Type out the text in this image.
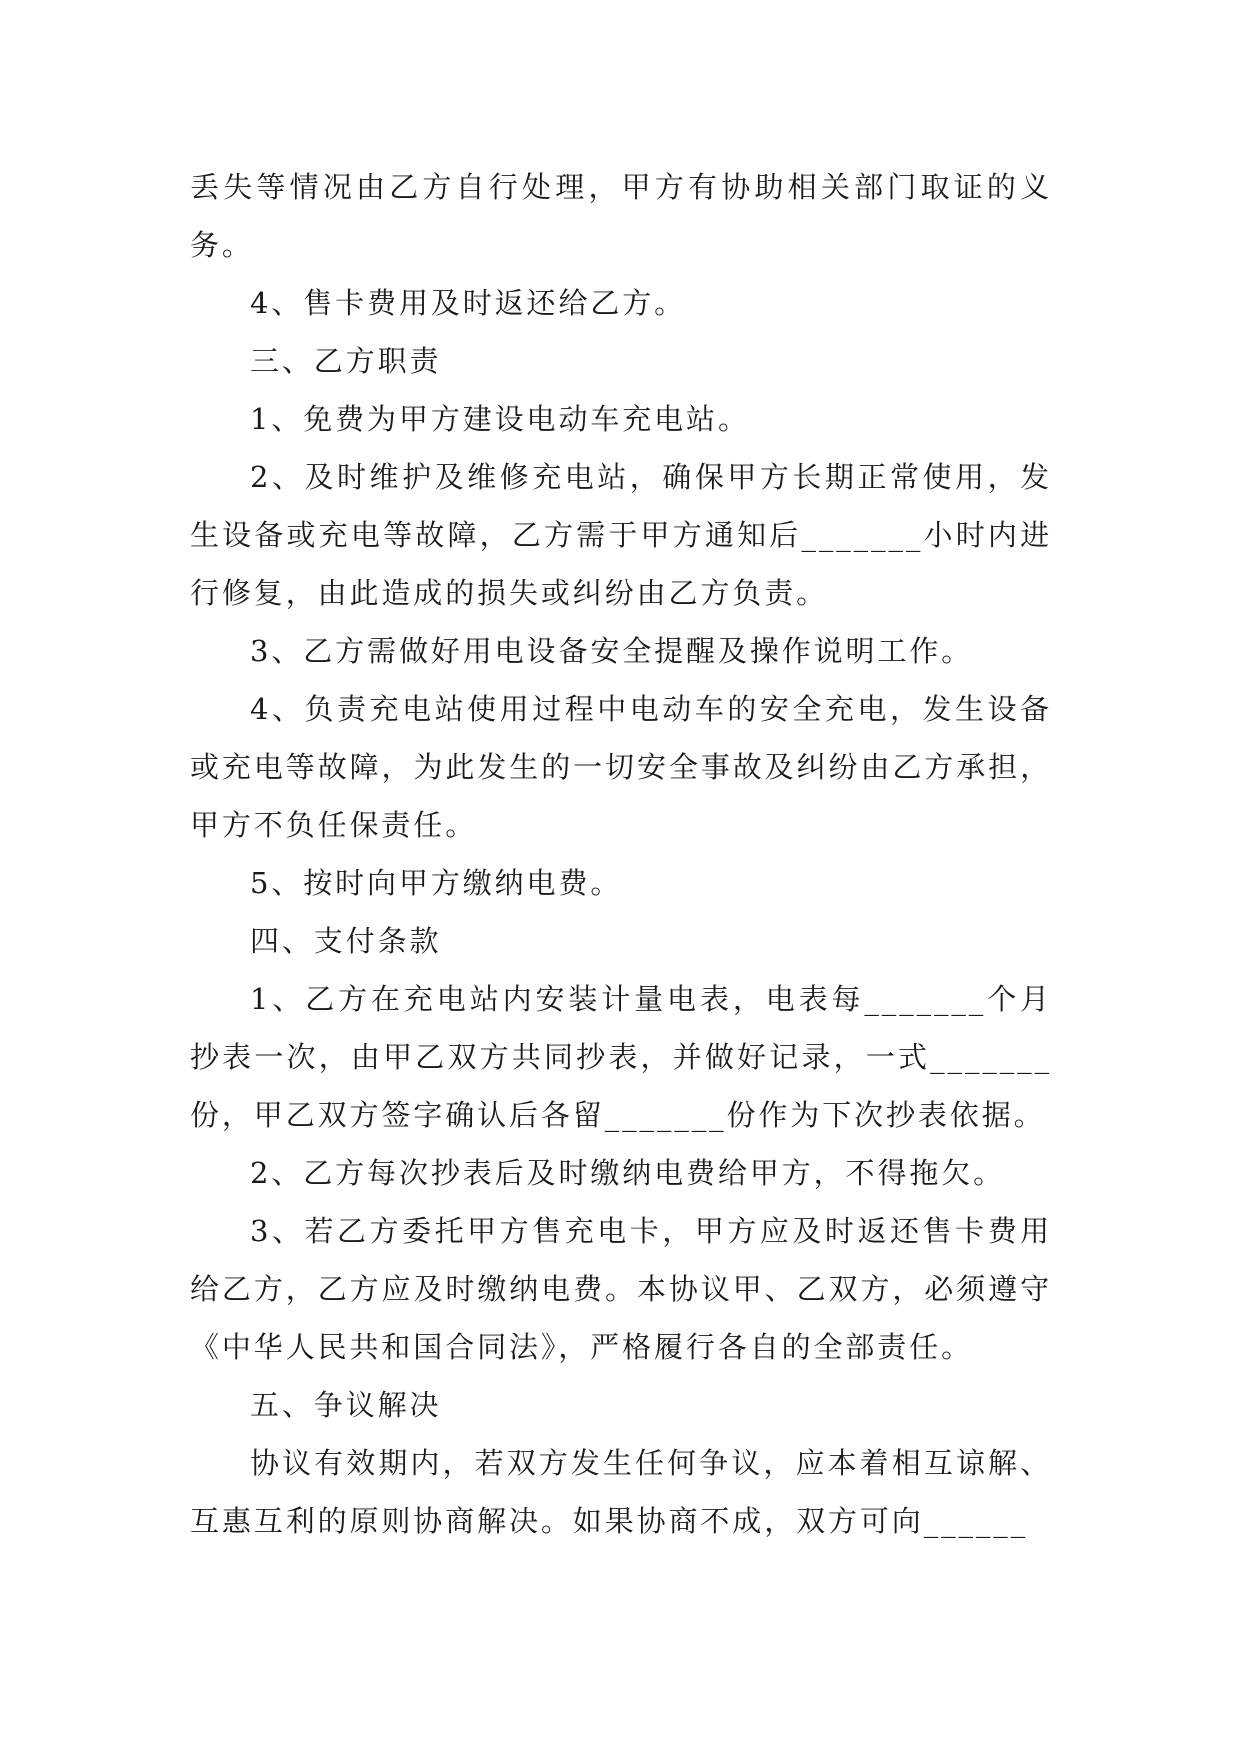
丢失等情况由乙方自行处理，甲方有协助相关部门取证的义务。

4、售卡费用及时返还给乙方。

三、乙方职责

1、免费为甲方建设电动车充电站。

2、及时维护及维修充电站，确保甲方长期正常使用，发生设备或充电等故障，乙方需于甲方通知后_______小时内进行修复，由此造成的损失或纠纷由乙方负责。

3、乙方需做好用电设备安全提醒及操作说明工作。

4、负责充电站使用过程中电动车的安全充电，发生设备或充电等故障，为此发生的一切安全事故及纠纷由乙方承担，甲方不负任保责任。

5、按时向甲方缴纳电费。

四、支付条款

1、乙方在充电站内安装计量电表，电表每_______个月抄表一次，由甲乙双方共同抄表，并做好记录，一式_______份，甲乙双方签字确认后各留_______份作为下次抄表依据。

2、乙方每次抄表后及时缴纳电费给甲方，不得拖欠。

3、若乙方委托甲方售充电卡，甲方应及时返还售卡费用给乙方，乙方应及时缴纳电费。本协议甲、乙双方，必须遵守《中华人民共和国合同法》，严格履行各自的全部责任。

五、争议解决

协议有效期内，若双方发生任何争议，应本着相互谅解、互惠互利的原则协商解决。如果协商不成，双方可向______
